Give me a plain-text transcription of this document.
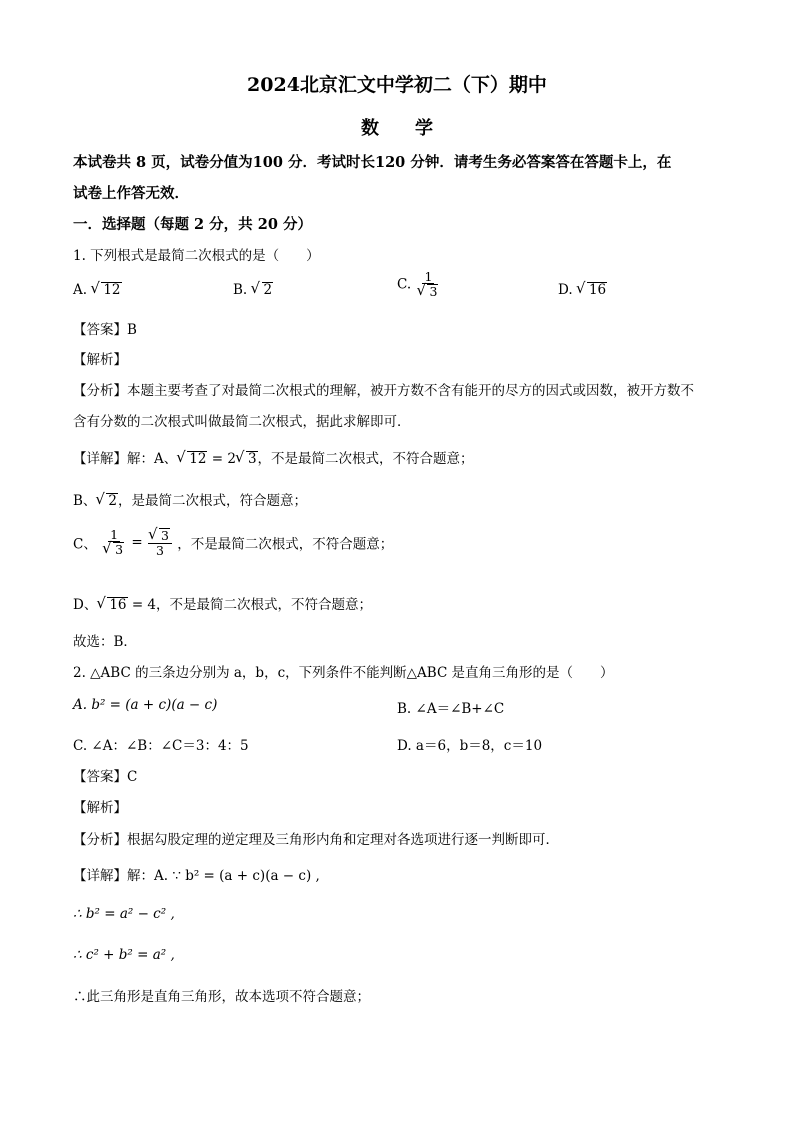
2024北京汇文中学初二（下）期中
数　　学
本试卷共 8 页，试卷分值为100 分．考试时长120 分钟．请考生务必答案答在答题卡上，在
试卷上作答无效．
一．选择题（每题 2 分，共 20 分）
1. 下列根式是最简二次根式的是（　　）
A. √ 12	B. √ 2	C. 1
√ 3	D. √ 16
【答案】B
【解析】
【分析】本题主要考查了对最简二次根式的理解，被开方数不含有能开的尽方的因式或因数，被开方数不
含有分数的二次根式叫做最简二次根式，据此求解即可．
【详解】解：A、 √ 12 = 2 √ 3，不是最简二次根式，不符合题意；
B、 √ 2，是最简二次根式，符合题意；
C、 1
√ 3 = √ $\frac{3}{3}$ ，不是最简二次根式，不符合题意；
D、 √ 16 = 4，不是最简二次根式，不符合题意；
故选：B．
2. △ABC 的三条边分别为 a，b，c，下列条件不能判断△ABC 是直角三角形的是（　　）
A. b² = (a + c)(a − c)	B. ∠A＝∠B+∠C
C. ∠A：∠B：∠C＝3：4：5	D. a＝6，b＝8，c＝10
【答案】C
【解析】
【分析】根据勾股定理的逆定理及三角形内角和定理对各选项进行逐一判断即可．
【详解】解：A. ∵ b² = (a + c)(a − c) ,
∴ b² = a² − c² ,
∴ c² + b² = a² ,
∴此三角形是直角三角形，故本选项不符合题意；
